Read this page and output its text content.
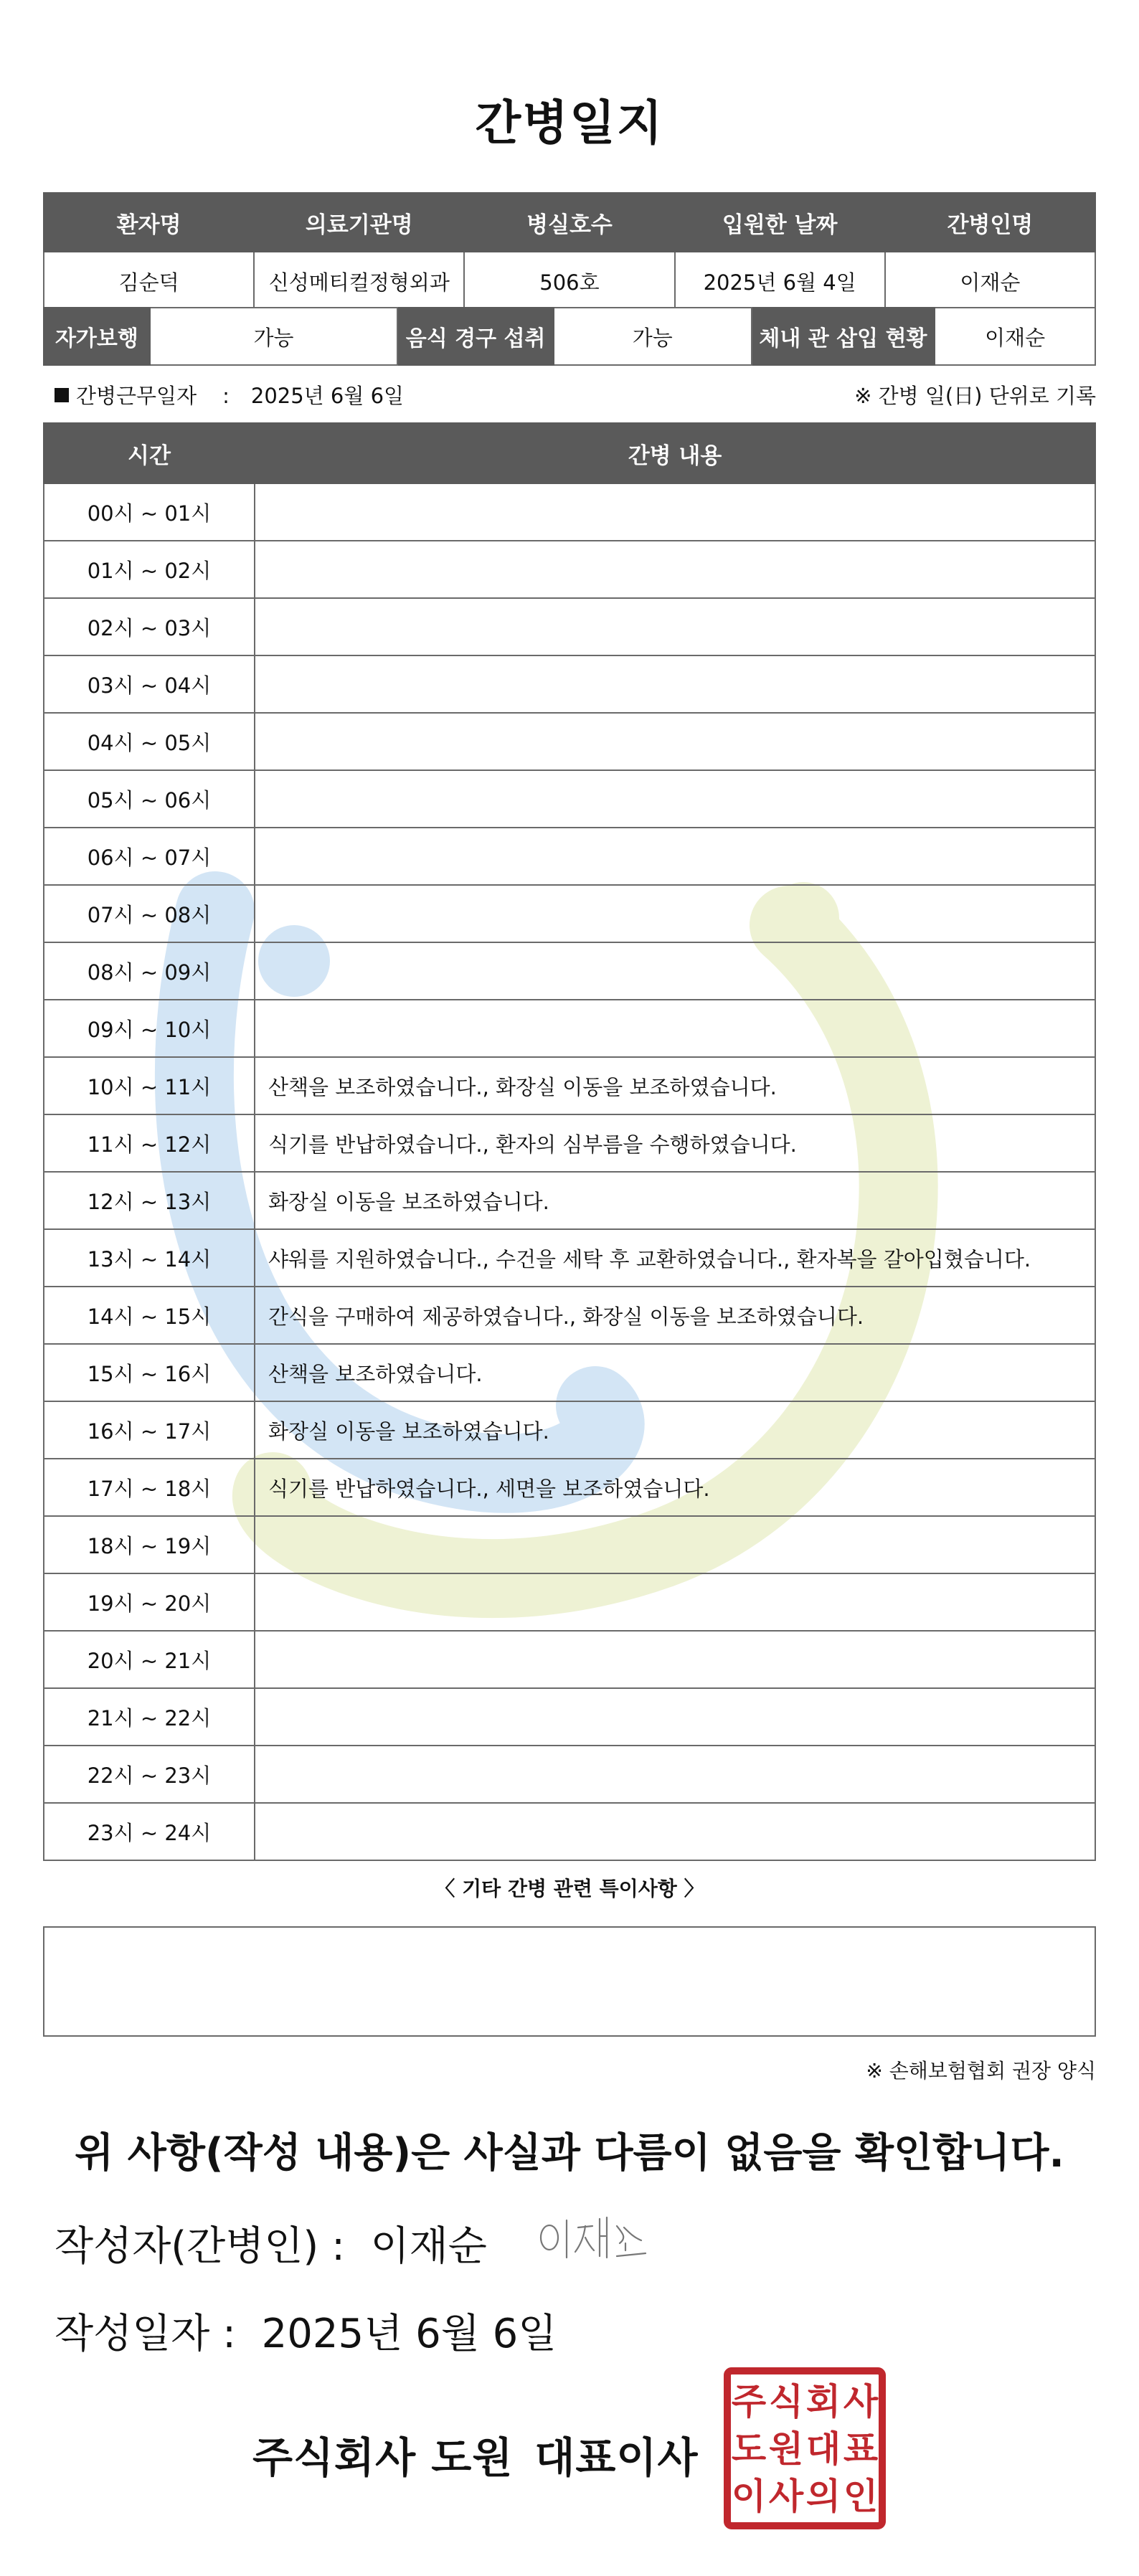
간병일지
환자명	의료기관명	병실호수	입원한 날짜	간병인명
김순덕	신성메티컬정형외과	506호	2025년 6월 4일	이재순
자가보행	가능	음식 경구 섭취	가능	체내 관 삽입 현황	이재순
간병근무일자 : 2025년 6월 6일	※ 간병 일(日) 단위로 기록
시간	간병 내용
00시 ~ 01시	
01시 ~ 02시	
02시 ~ 03시	
03시 ~ 04시	
04시 ~ 05시	
05시 ~ 06시	
06시 ~ 07시	
07시 ~ 08시	
08시 ~ 09시	
09시 ~ 10시	
10시 ~ 11시	산책을 보조하였습니다., 화장실 이동을 보조하였습니다.
11시 ~ 12시	식기를 반납하였습니다., 환자의 심부름을 수행하였습니다.
12시 ~ 13시	화장실 이동을 보조하였습니다.
13시 ~ 14시	샤워를 지원하였습니다., 수건을 세탁 후 교환하였습니다., 환자복을 갈아입혔습니다.
14시 ~ 15시	간식을 구매하여 제공하였습니다., 화장실 이동을 보조하였습니다.
15시 ~ 16시	산책을 보조하였습니다.
16시 ~ 17시	화장실 이동을 보조하였습니다.
17시 ~ 18시	식기를 반납하였습니다., 세면을 보조하였습니다.
18시 ~ 19시	
19시 ~ 20시	
20시 ~ 21시	
21시 ~ 22시	
22시 ~ 23시	
23시 ~ 24시	
〈 기타 간병 관련 특이사항 〉
※ 손해보험협회 권장 양식
위 사항(작성 내용)은 사실과 다름이 없음을 확인합니다.
작성자(간병인) : 이재순
작성일자 : 2025년 6월 6일
주식회사 도원 대표이사
주 식 회 사
도 원 대 표
이 사 의 인
